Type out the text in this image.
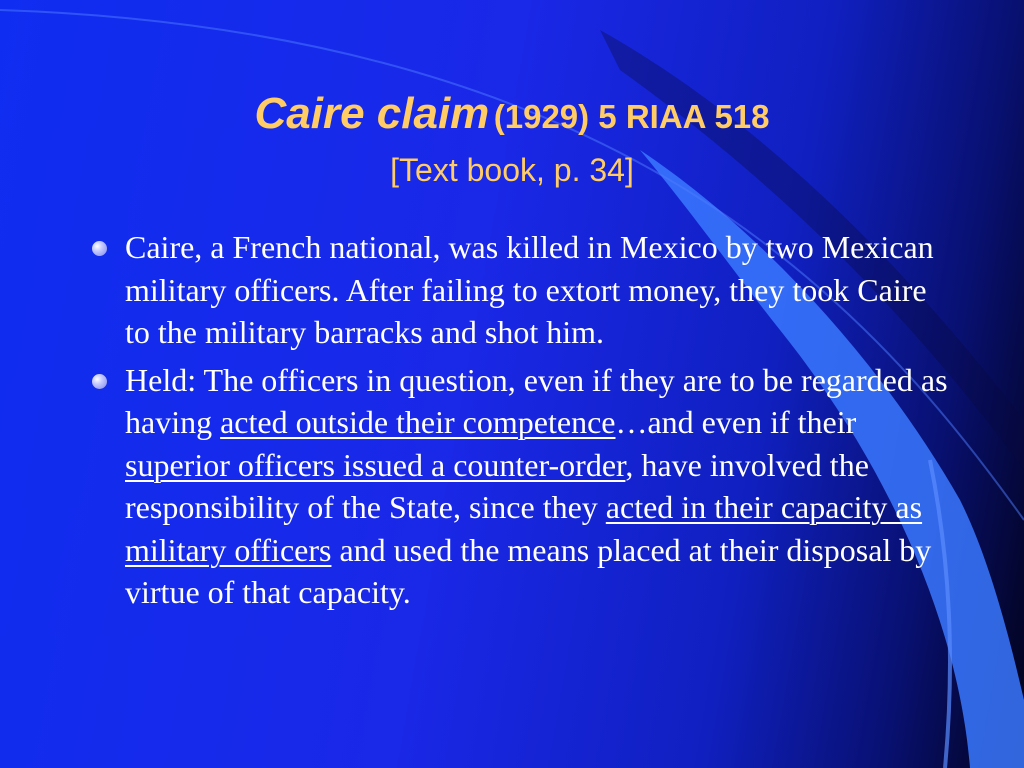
Caire claim (1929) 5 RIAA 518
[Text book, p. 34]
Caire, a French national, was killed in Mexico by two Mexican military officers. After failing to extort money, they took Caire to the military barracks and shot him.
Held: The officers in question, even if they are to be regarded as having acted outside their competence…and even if their superior officers issued a counter-order, have involved the responsibility of the State, since they acted in their capacity as military officers and used the means placed at their disposal by virtue of that capacity.
